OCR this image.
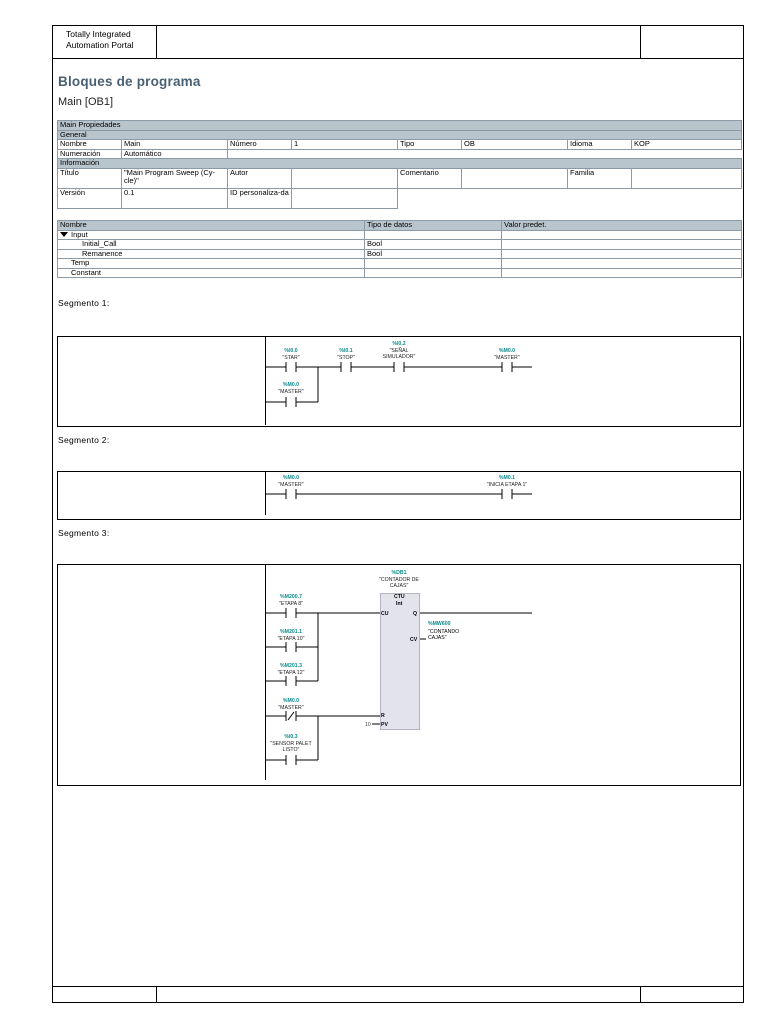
Totally Integrated
Automation Portal
Bloques de programa
Main [OB1]
Main Propiedades							
General							
Nombre	Main	Número	1	Tipo	OB	Idioma	KOP
Numeración	Automático						
Información							
Título	"Main Program Sweep (Cy-cle)"	Autor		Comentario		Familia	
Versión	0.1	ID personaliza-da					
Nombre	Tipo de datos	Valor predet.
Input		
Initial_Call	Bool	
Remanence	Bool	
Temp		
Constant		
Segmento 1:
%I0.0
"STAR"
%I0.1
"STOP"
%I0.2
"SEÑAL SIMULADOR"
%M0.0
"MASTER"
%M0.0
"MASTER"
Segmento 2:
%M0.0
"MASTER"
%M0.1
"INICIA ETAPA 1"
Segmento 3:
%DB1
"CONTADOR DE CAJAS"
CTU
Int
CU	Q
CV
R
PV
10
%MW600
"CONTANDO CAJAS"
%M200.7
"ETAPA 8"
%M201.1
"ETAPA 10"
%M201.3
"ETAPA 12"
%M0.0
"MASTER"
%I0.3
"SENSOR PALET LISTO"
